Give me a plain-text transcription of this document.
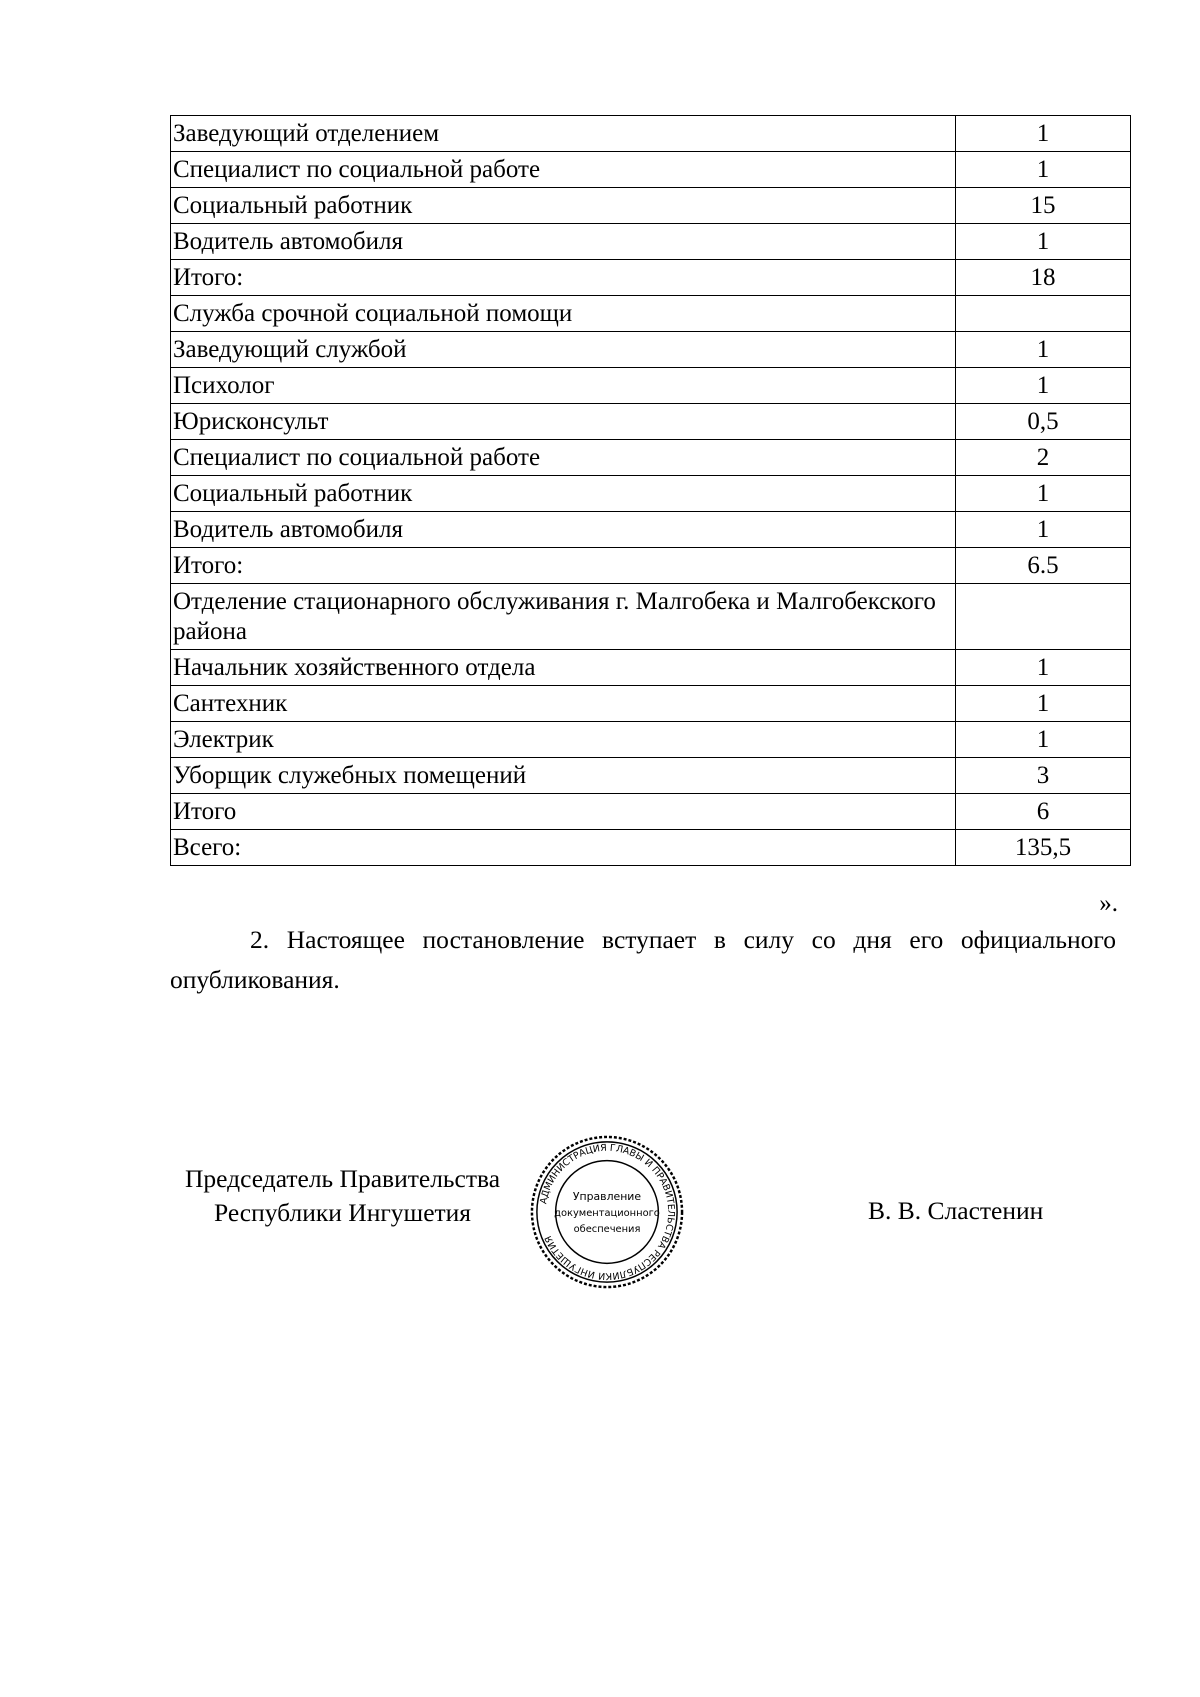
Заведующий отделением	1
Специалист по социальной работе	1
Социальный работник	15
Водитель автомобиля	1
Итого:	18
Служба срочной социальной помощи	
Заведующий службой	1
Психолог	1
Юрисконсульт	0,5
Специалист по социальной работе	2
Социальный работник	1
Водитель автомобиля	1
Итого:	6.5
Отделение стационарного обслуживания г. Малгобека и Малгобекского района	
Начальник хозяйственного отдела	1
Сантехник	1
Электрик	1
Уборщик служебных помещений	3
Итого	6
Всего:	135,5
».
2. Настоящее постановление вступает в силу со дня его официального опубликования.
Председатель Правительства
Республики Ингушетия	АДМИНИСТРАЦИЯ ГЛАВЫ И ПРАВИТЕЛЬСТВА РЕСПУБЛИКИ ИНГУШЕТИЯ
Управление
документационного
обеспечения
В. В. Сластенин
